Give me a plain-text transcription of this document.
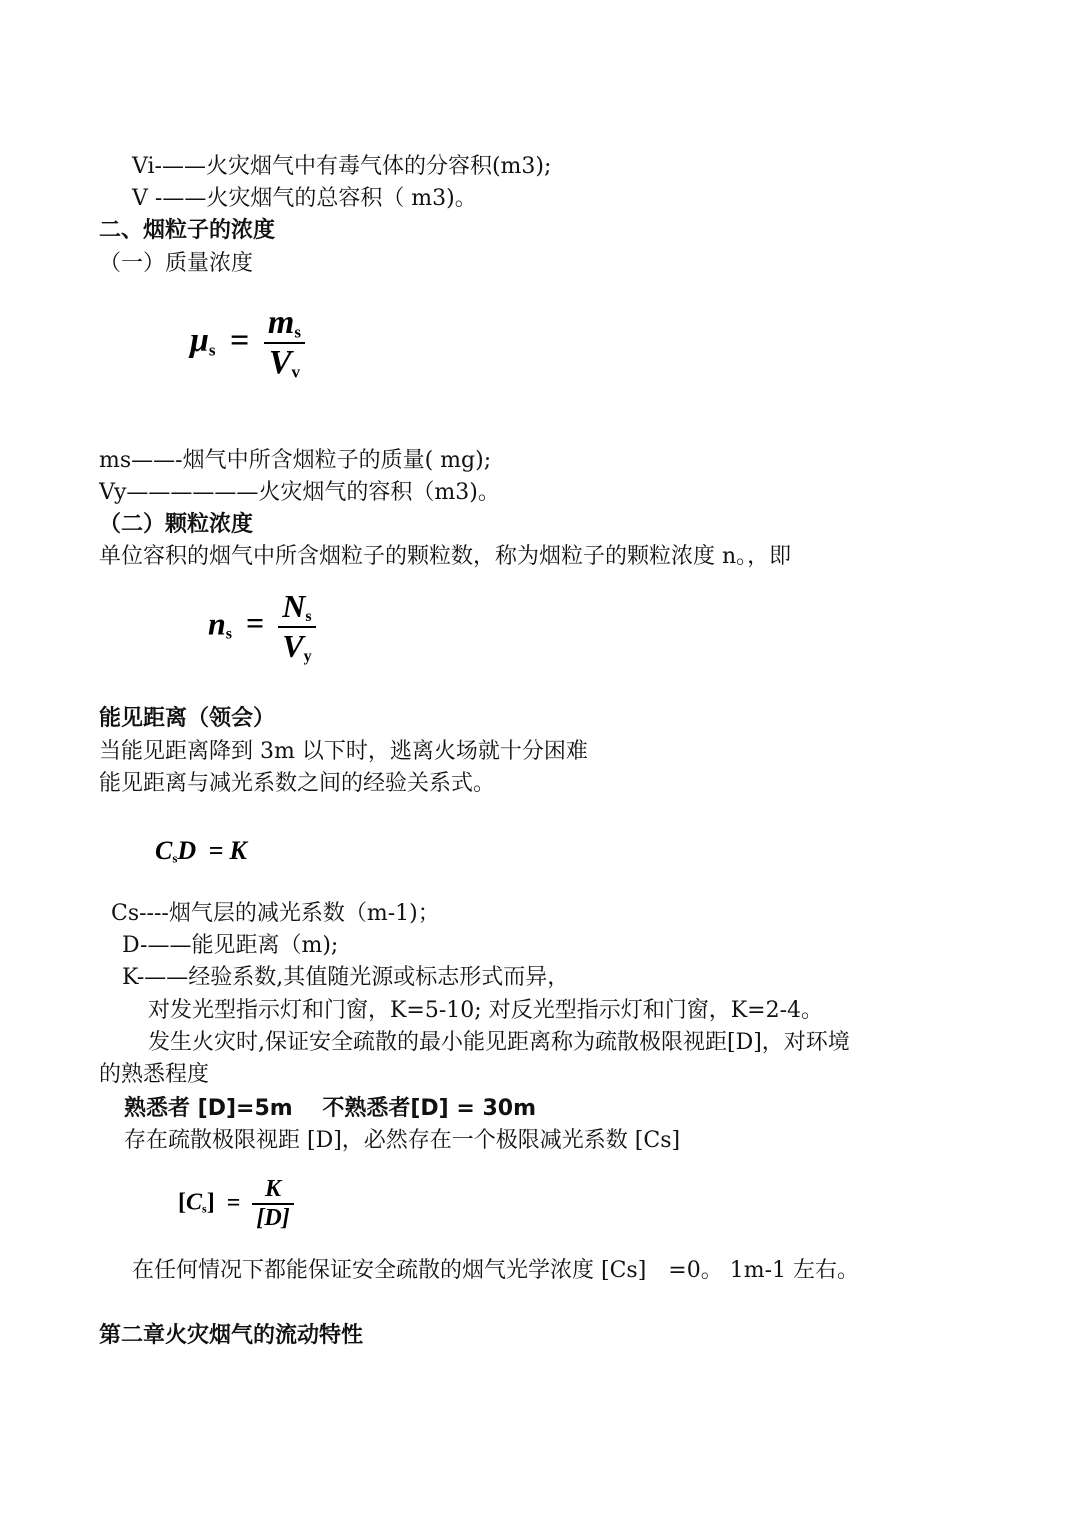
Vi-——火灾烟气中有毒气体的分容积(m3);
V -——火灾烟气的总容积（ m3)。
二、烟粒子的浓度
（一）质量浓度
$\mu_s = \frac{m_s}{V_v}$
ms——-烟气中所含烟粒子的质量( mg);
Vy——————火灾烟气的容积（m3)。
（二）颗粒浓度
单位容积的烟气中所含烟粒子的颗粒数，称为烟粒子的颗粒浓度 n。，即
$n_s = \frac{N_s}{V_y}$
能见距离（领会）
当能见距离降到 3m 以下时，逃离火场就十分困难
能见距离与减光系数之间的经验关系式。
$C_sD = K$
Cs----烟气层的减光系数（m-1)；
D-——能见距离（m);
K-——经验系数,其值随光源或标志形式而异，
对发光型指示灯和门窗，K=5-10; 对反光型指示灯和门窗，K=2-4。
发生火灾时,保证安全疏散的最小能见距离称为疏散极限视距[D]，对环境
的熟悉程度
熟悉者 [D]=5m　 不熟悉者[D] = 30m
存在疏散极限视距 [D]，必然存在一个极限减光系数 [Cs]
$[C_s] = \frac{K}{[D]}$
在任何情况下都能保证安全疏散的烟气光学浓度 [Cs]　=0。 1m-1 左右。
第二章火灾烟气的流动特性
